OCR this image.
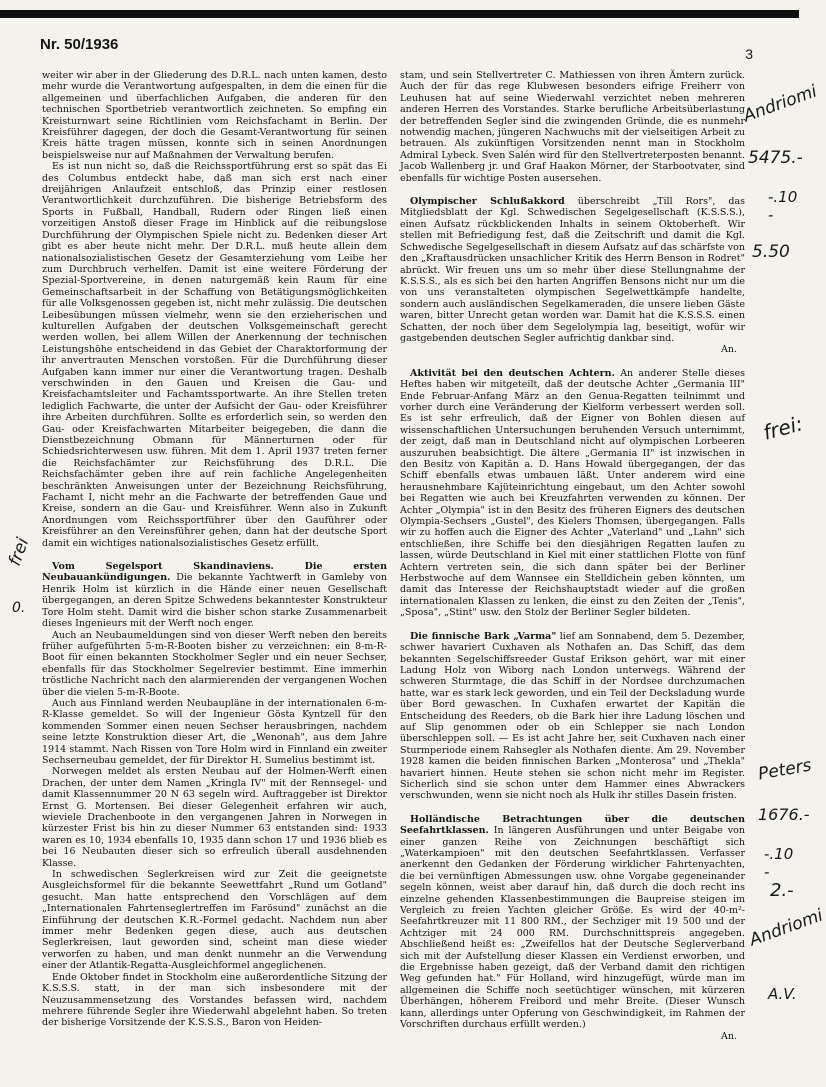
Nr. 50/1936
3

weiter wir aber in der Gliederung des D.R.L. nach unten kamen, desto mehr wurde die Verantwortung aufgespalten, in dem die einen für die allgemeinen und überfachlichen Aufgaben, die anderen für den technischen Sportbetrieb verantwortlich zeichneten. So empfing ein Kreisturnwart seine Richtlinien vom Reichsfachamt in Berlin. Der Kreisführer dagegen, der doch die Gesamt-Verantwortung für seinen Kreis hätte tragen müssen, konnte sich in seinen Anordnungen beispielsweise nur auf Maßnahmen der Verwaltung berufen.

Es ist nun nicht so, daß die Reichssportführung erst so spät das Ei des Columbus entdeckt habe, daß man sich erst nach einer dreijährigen Anlaufzeit entschloß, das Prinzip einer restlosen Verantwortlichkeit durchzuführen. Die bisherige Betriebsform des Sports in Fußball, Handball, Rudern oder Ringen ließ einen vorzeitigen Anstoß dieser Frage im Hinblick auf die reibungslose Durchführung der Olympischen Spiele nicht zu. Bedenken dieser Art gibt es aber heute nicht mehr. Der D.R.L. muß heute allein dem nationalsozialistischen Gesetz der Gesamterziehung vom Leibe her zum Durchbruch verhelfen. Damit ist eine weitere Förderung der Spezial-Sportvereine, in denen naturgemäß kein Raum für eine Gemeinschaftsarbeit in der Schaffung von Betätigungsmöglichkeiten für alle Volksgenossen gegeben ist, nicht mehr zulässig. Die deutschen Leibesübungen müssen vielmehr, wenn sie den erzieherischen und kulturellen Aufgaben der deutschen Volksgemeinschaft gerecht werden wollen, bei allem Willen der Anerkennung der technischen Leistungshöhe entscheidend in das Gebiet der Charaktorformung der ihr anvertrauten Menschen vorstoßen. Für die Durchführung dieser Aufgaben kann immer nur einer die Verantwortung tragen. Deshalb verschwinden in den Gauen und Kreisen die Gau- und Kreisfachamtsleiter und Fachamtssportwarte. An ihre Stellen treten lediglich Fachwarte, die unter der Aufsicht der Gau- oder Kreisführer ihre Arbeiten durchführen. Sollte es erforderlich sein, so werden den Gau- oder Kreisfachwarten Mitarbeiter beigegeben, die dann die Dienstbezeichnung Obmann für Männerturnen oder für Schiedsrichterwesen usw. führen. Mit dem 1. April 1937 treten ferner die Reichsfachämter zur Reichsführung des D.R.L. Die Reichsfachämter geben ihre auf rein fachliche Angelegenheiten beschränkten Anweisungen unter der Bezeichnung Reichsführung, Fachamt I, nicht mehr an die Fachwarte der betreffenden Gaue und Kreise, sondern an die Gau- und Kreisführer. Wenn also in Zukunft Anordnungen vom Reichssportführer über den Gauführer oder Kreisführer an den Vereinsführer gehen, dann hat der deutsche Sport damit ein wichtiges nationalsozialistisches Gesetz erfüllt.

Vom Segelsport Skandinaviens. Die ersten Neubauankündigungen. Die bekannte Yachtwerft in Gamleby von Henrik Holm ist kürzlich in die Hände einer neuen Gesellschaft übergegangen, an deren Spitze Schwedens bekanntester Konstrukteur Tore Holm steht. Damit wird die bisher schon starke Zusammenarbeit dieses Ingenieurs mit der Werft noch enger.

Auch an Neubaumeldungen sind von dieser Werft neben den bereits früher aufgeführten 5-m-R-Booten bisher zu verzeichnen: ein 8-m-R-Boot für einen bekannten Stockholmer Segler und ein neuer Sechser, ebenfalls für das Stockholmer Segelrevier bestimmt. Eine immerhin tröstliche Nachricht nach den alarmierenden der vergangenen Wochen über die vielen 5-m-R-Boote.

Auch aus Finnland werden Neubaupläne in der internationalen 6-m-R-Klasse gemeldet. So will der Ingenieur Gösta Kyntzell für den kommenden Sommer einen neuen Sechser herausbringen, nachdem seine letzte Konstruktion dieser Art, die „Wenonah", aus dem Jahre 1914 stammt. Nach Rissen von Tore Holm wird in Finnland ein zweiter Sechserneubau gemeldet, der für Direktor H. Sumelius bestimmt ist.

Norwegen meldet als ersten Neubau auf der Holmen-Werft einen Drachen, der unter dem Namen „Kringla IV" mit der Rennsegel- und damit Klassennummer 20 N 63 segeln wird. Auftraggeber ist Direktor Ernst G. Mortensen. Bei dieser Gelegenheit erfahren wir auch, wieviele Drachenboote in den vergangenen Jahren in Norwegen in kürzester Frist bis hin zu dieser Nummer 63 entstanden sind: 1933 waren es 10, 1934 ebenfalls 10, 1935 dann schon 17 und 1936 blieb es bei 16 Neubauten dieser sich so erfreulich überall ausdehnenden Klasse.

In schwedischen Seglerkreisen wird zur Zeit die geeignetste Ausgleichsformel für die bekannte Seewettfahrt „Rund um Gotland" gesucht. Man hatte entsprechend den Vorschlägen auf dem „Internationalen Fahrtenseglertreffen im Farösund" zunächst an die Einführung der deutschen K.R.-Formel gedacht. Nachdem nun aber immer mehr Bedenken gegen diese, auch aus deutschen Seglerkreisen, laut geworden sind, scheint man diese wieder verworfen zu haben, und man denkt nunmehr an die Verwendung einer der Atlantik-Regatta-Ausgleichformel angeglichenen.

Ende Oktober findet in Stockholm eine außerordentliche Sitzung der K.S.S.S. statt, in der man sich insbesondere mit der Neuzusammensetzung des Vorstandes befassen wird, nachdem mehrere führende Segler ihre Wiederwahl abgelehnt haben. So treten der bisherige Vorsitzende der K.S.S.S., Baron von Heiden-

stam, und sein Stellvertreter C. Mathiessen von ihren Ämtern zurück. Auch der für das rege Klubwesen besonders eifrige Freiherr von Leuhusen hat auf seine Wiederwahl verzichtet neben mehreren anderen Herren des Vorstandes. Starke berufliche Arbeitsüberlastung der betreffenden Segler sind die zwingenden Gründe, die es nunmehr notwendig machen, jüngeren Nachwuchs mit der vielseitigen Arbeit zu betrauen. Als zukünftigen Vorsitzenden nennt man in Stockholm Admiral Lybeck. Sven Salén wird für den Stellvertreterposten benannt. Jacob Wallenberg jr. und Graf Haakon Mörner, der Starbootvater, sind ebenfalls für wichtige Posten ausersehen.

Olympischer Schlußakkord überschreibt „Till Rors", das Mitgliedsblatt der Kgl. Schwedischen Segelgesellschaft (K.S.S.S.), einen Aufsatz rückblickenden Inhalts in seinem Oktoberheft. Wir stellen mit Befriedigung fest, daß die Zeitschrift und damit die Kgl. Schwedische Segelgesellschaft in diesem Aufsatz auf das schärfste von den „Kraftausdrücken unsachlicher Kritik des Herrn Benson in Rodret" abrückt. Wir freuen uns um so mehr über diese Stellungnahme der K.S.S.S., als es sich bei den harten Angriffen Bensons nicht nur um die von uns veranstalteten olympischen Segelwettkämpfe handelte, sondern auch ausländischen Segelkameraden, die unsere lieben Gäste waren, bitter Unrecht getan worden war. Damit hat die K.S.S.S. einen Schatten, der noch über dem Segelolympia lag, beseitigt, wofür wir gastgebenden deutschen Segler aufrichtig dankbar sind.

An.

Aktivität bei den deutschen Achtern. An anderer Stelle dieses Heftes haben wir mitgeteilt, daß der deutsche Achter „Germania III" Ende Februar-Anfang März an den Genua-Regatten teilnimmt und vorher durch eine Veränderung der Kielform verbessert werden soll. Es ist sehr erfreulich, daß der Eigner von Bohlen diesen auf wissenschaftlichen Untersuchungen beruhenden Versuch unternimmt, der zeigt, daß man in Deutschland nicht auf olympischen Lorbeeren auszuruhen beabsichtigt. Die ältere „Germania II" ist inzwischen in den Besitz von Kapitän a. D. Hans Howald übergegangen, der das Schiff ebenfalls etwas umbauen läßt. Unter anderem wird eine herausnehmbare Kajüteinrichtung eingebaut, um den Achter sowohl bei Regatten wie auch bei Kreuzfahrten verwenden zu können. Der Achter „Olympia" ist in den Besitz des früheren Eigners des deutschen Olympia-Sechsers „Gustel", des Kielers Thomsen, übergegangen. Falls wir zu hoffen auch die Eigner des Achter „Vaterland" und „Lahn" sich entschließen, ihre Schiffe bei den diesjährigen Regatten laufen zu lassen, würde Deutschland in Kiel mit einer stattlichen Flotte von fünf Achtern vertreten sein, die sich dann später bei der Berliner Herbstwoche auf dem Wannsee ein Stelldichein geben könnten, um damit das Interesse der Reichshauptstadt wieder auf die großen internationalen Klassen zu lenken, die einst zu den Zeiten der „Tenis", „Sposa", „Stint" usw. den Stolz der Berliner Segler bildeten.

Die finnische Bark „Varma" lief am Sonnabend, dem 5. Dezember, schwer havariert Cuxhaven als Nothafen an. Das Schiff, das dem bekannten Segelschiffsreeder Gustaf Erikson gehört, war mit einer Ladung Holz von Wiborg nach London unterwegs. Während der schweren Sturmtage, die das Schiff in der Nordsee durchzumachen hatte, war es stark leck geworden, und ein Teil der Decksladung wurde über Bord gewaschen. In Cuxhafen erwartet der Kapitän die Entscheidung des Reeders, ob die Bark hier ihre Ladung löschen und auf Slip genommen oder ob ein Schlepper sie nach London überschleppen soll. — Es ist acht Jahre her, seit Cuxhaven nach einer Sturmperiode einem Rahsegler als Nothafen diente. Am 29. November 1928 kamen die beiden finnischen Barken „Monterosa" und „Thekla" havariert hinnen. Heute stehen sie schon nicht mehr im Register. Sicherlich sind sie schon unter dem Hammer eines Abwrackers verschwunden, wenn sie nicht noch als Hulk ihr stilles Dasein fristen.

Holländische Betrachtungen über die deutschen Seefahrtklassen. In längeren Ausführungen und unter Beigabe von einer ganzen Reihe von Zeichnungen beschäftigt sich „Waterkampioen" mit den deutschen Seefahrtklassen. Verfasser anerkennt den Gedanken der Förderung wirklicher Fahrtenyachten, die bei vernünftigen Abmessungen usw. ohne Vorgabe gegeneinander segeln können, weist aber darauf hin, daß durch die doch recht ins einzelne gehenden Klassenbestimmungen die Baupreise steigen im Vergleich zu freien Yachten gleicher Größe. Es wird der 40-m²-Seefahrtkreuzer mit 11 800 RM., der Sechziger mit 19 500 und der Achtziger mit 24 000 RM. Durchschnittspreis angegeben. Abschließend heißt es: „Zweifellos hat der Deutsche Seglerverband sich mit der Aufstellung dieser Klassen ein Verdienst erworben, und die Ergebnisse haben gezeigt, daß der Verband damit den richtigen Weg gefunden hat." Für Holland, wird hinzugefügt, würde man im allgemeinen die Schiffe noch seetüchtiger wünschen, mit kürzeren Überhängen, höherem Freibord und mehr Breite. (Dieser Wunsch kann, allerdings unter Opferung von Geschwindigkeit, im Rahmen der Vorschriften durchaus erfüllt werden.)

An.
Andriomi
5475.-
-.10 -
5.50
frei:
frei
0.
Peters
1676.-
-.10 -
2.-
Andriomi
A.V.
